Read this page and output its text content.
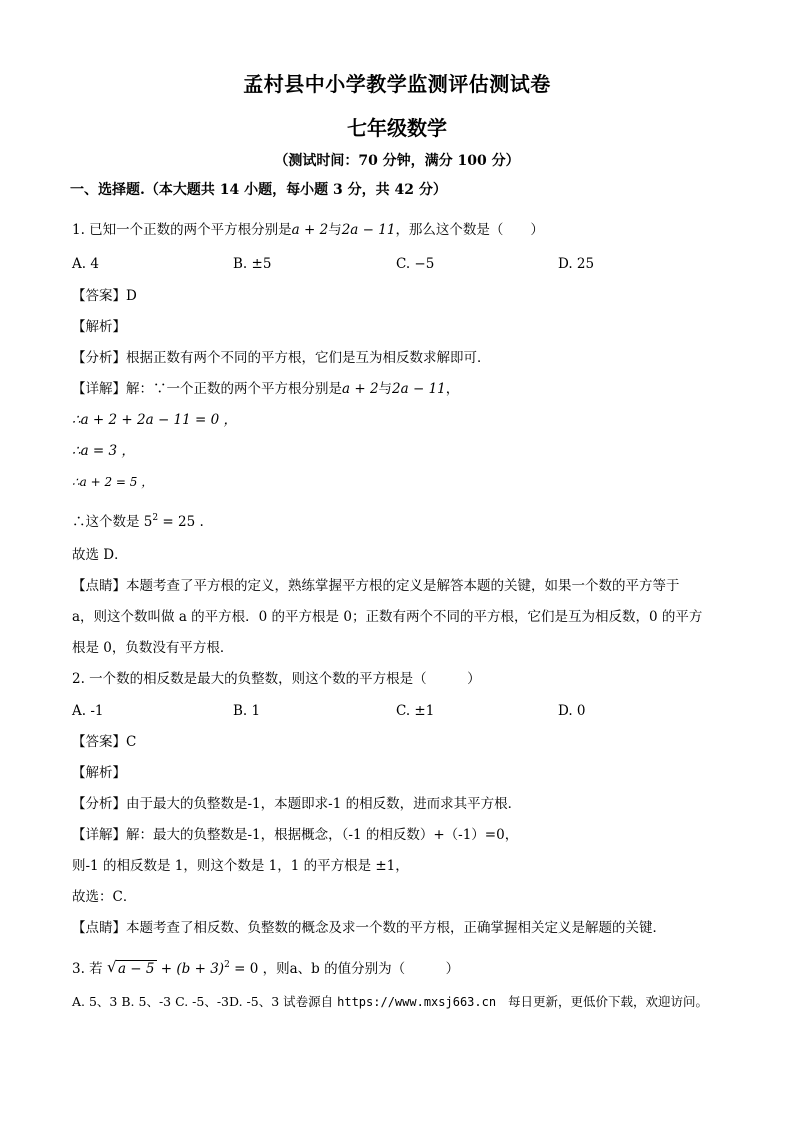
孟村县中小学教学监测评估测试卷
七年级数学
（测试时间：70 分钟，满分 100 分）
一、选择题.（本大题共 14 小题，每小题 3 分，共 42 分）
1. 已知一个正数的两个平方根分别是a + 2与2a − 11，那么这个数是（　　）
A. 4	B. ±5	C. −5	D. 25
【答案】D
【解析】
【分析】根据正数有两个不同的平方根，它们是互为相反数求解即可．
【详解】解：∵一个正数的两个平方根分别是a + 2与2a − 11，
∴a + 2 + 2a − 11 = 0 ，
∴a = 3 ，
∴a + 2 = 5 ，
∴这个数是 $5^2 = 25$ .
故选 D．
【点睛】本题考查了平方根的定义，熟练掌握平方根的定义是解答本题的关键，如果一个数的平方等于
a，则这个数叫做 a 的平方根．0 的平方根是 0；正数有两个不同的平方根，它们是互为相反数，0 的平方
根是 0，负数没有平方根．
2. 一个数的相反数是最大的负整数，则这个数的平方根是（　　　）
A. -1	B. 1	C. ±1	D. 0
【答案】C
【解析】
【分析】由于最大的负整数是-1，本题即求-1 的相反数，进而求其平方根．
【详解】解：最大的负整数是-1，根据概念，（-1 的相反数）+（-1）=0，
则-1 的相反数是 1，则这个数是 1，1 的平方根是 ±1，
故选：C．
【点睛】本题考查了相反数、负整数的概念及求一个数的平方根，正确掌握相关定义是解题的关键．
3. 若 √ $a - 5 + (b + 3)^2 = 0$ ，则a、b 的值分别为（　　　）
A. 5、3 B. 5、-3 C. -5、-3D. -5、3 试卷源自 https://www.mxsj663.cn 每日更新，更低价下载，欢迎访问。
